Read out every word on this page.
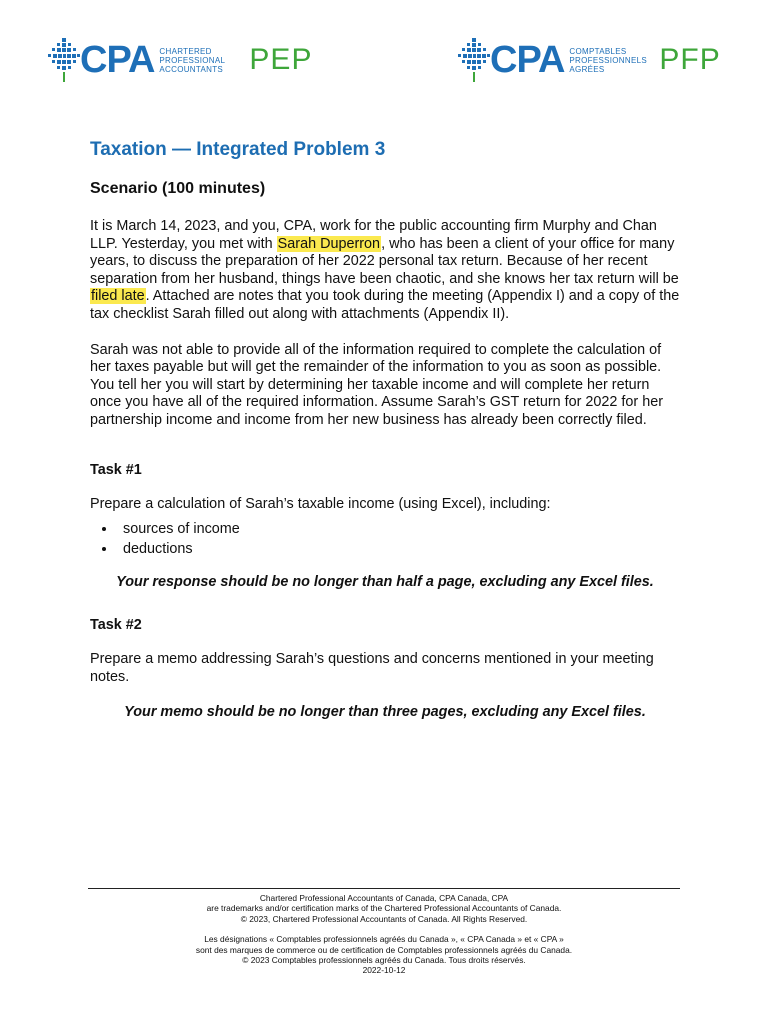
CPA CHARTERED
PROFESSIONAL
ACCOUNTANTS PEP	CPA COMPTABLES
PROFESSIONNELS
AGRÉES	PFP
Taxation — Integrated Problem 3
Scenario (100 minutes)

It is March 14, 2023, and you, CPA, work for the public accounting firm Murphy and Chan LLP. Yesterday, you met with Sarah Duperron, who has been a client of your office for many years, to discuss the preparation of her 2022 personal tax return. Because of her recent separation from her husband, things have been chaotic, and she knows her tax return will be filed late. Attached are notes that you took during the meeting (Appendix I) and a copy of the tax checklist Sarah filled out along with attachments (Appendix II).

Sarah was not able to provide all of the information required to complete the calculation of her taxes payable but will get the remainder of the information to you as soon as possible. You tell her you will start by determining her taxable income and will complete her return once you have all of the required information. Assume Sarah’s GST return for 2022 for her partnership income and income from her new business has already been correctly filed.

Task #1

Prepare a calculation of Sarah’s taxable income (using Excel), including:

• sources of income
• deductions

Your response should be no longer than half a page, excluding any Excel files.

Task #2

Prepare a memo addressing Sarah’s questions and concerns mentioned in your meeting notes.

Your memo should be no longer than three pages, excluding any Excel files.

Chartered Professional Accountants of Canada, CPA Canada, CPA

are trademarks and/or certification marks of the Chartered Professional Accountants of Canada.

© 2023, Chartered Professional Accountants of Canada. All Rights Reserved.

Les désignations « Comptables professionnels agréés du Canada », « CPA Canada » et « CPA »

sont des marques de commerce ou de certification de Comptables professionnels agréés du Canada.

© 2023 Comptables professionnels agréés du Canada. Tous droits réservés.

2022-10-12
